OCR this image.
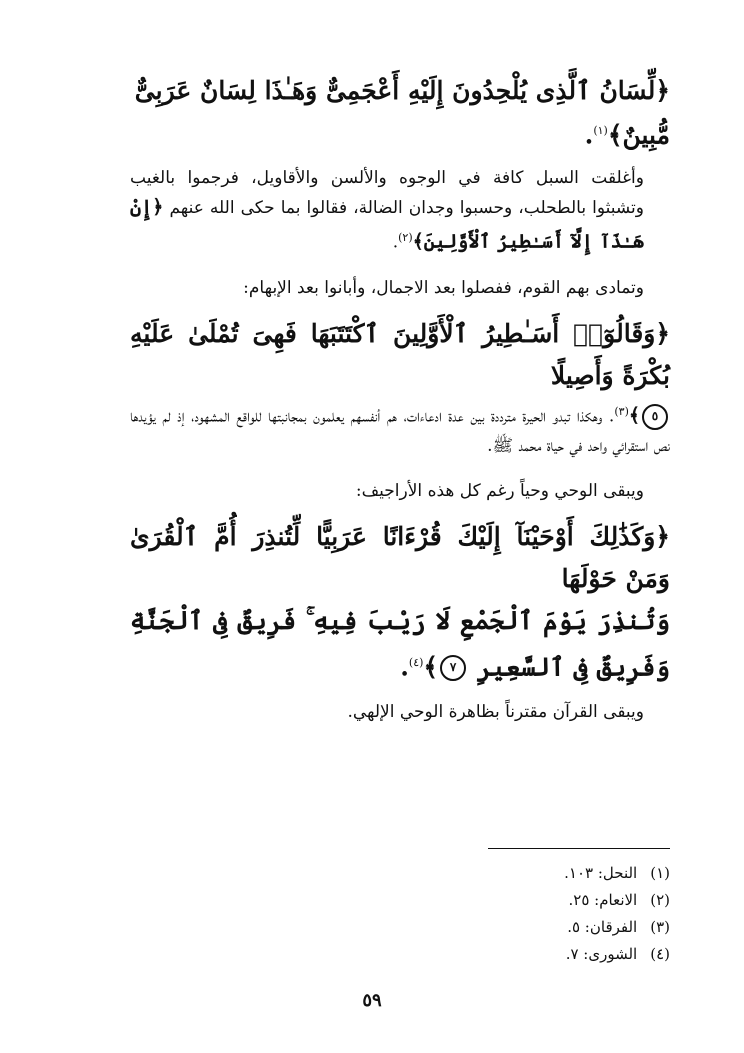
﴿لِّسَانُ ٱلَّذِى يُلْحِدُونَ إِلَيْهِ أَعْجَمِىٌّ وَهَـٰذَا لِسَانٌ عَرَبِىٌّ

مُّبِينٌ﴾$^{(١)}$.

وأغلقت السبل كافة في الوجوه والألسن والأقاويل، فرجموا بالغيب وتشبثوا بالطحلب، وحسبوا وجدان الضالة، فقالوا بما حكى الله عنهم ﴿إِنْ هَـٰذَآ إِلَّآ أَسَـٰطِيرُ ٱلْأَوَّلِينَ﴾$^{(٢)}$.

وتمادى بهم القوم، ففصلوا بعد الاجمال، وأبانوا بعد الإبهام:

﴿وَقَالُوٓا۟ أَسَـٰطِيرُ ٱلْأَوَّلِينَ ٱكْتَتَبَهَا فَهِىَ تُمْلَىٰ عَلَيْهِ بُكْرَةً وَأَصِيلًا

٥﴾$^{(٣)}$. وهكذا تبدو الحيرة مترددة بين عدة ادعاءات، هم أنفسهم يعلمون بمجانبتها للواقع المشهود، إذ لم يؤيدها نص استقرائي واحد في حياة محمد ﷺ.

ويبقى الوحي وحياً رغم كل هذه الأراجيف:

﴿وَكَذَٰلِكَ أَوْحَيْنَآ إِلَيْكَ قُرْءَانًا عَرَبِيًّا لِّتُنذِرَ أُمَّ ٱلْقُرَىٰ وَمَنْ حَوْلَهَا

وَتُنذِرَ يَوْمَ ٱلْجَمْعِ لَا رَيْبَ فِيهِ ۚ فَرِيقٌ فِى ٱلْجَنَّةِ وَفَرِيقٌ فِى ٱلسَّعِيرِ ٧﴾$^{(٤)}$.

ويبقى القرآن مقترناً بظاهرة الوحي الإلهي.

(١) النحل: ١٠٣.

(٢) الانعام: ٢٥.

(٣) الفرقان: ٥.

(٤) الشورى: ٧.

٥٩
